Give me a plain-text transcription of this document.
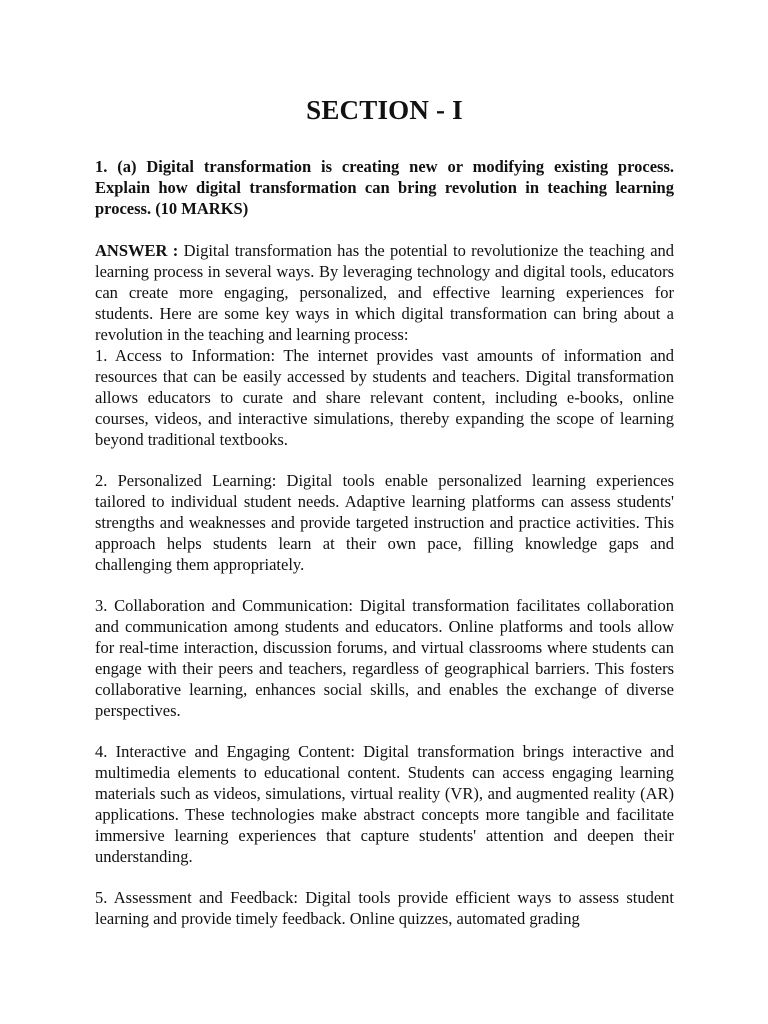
SECTION - I
1. (a) Digital transformation is creating new or modifying existing process. Explain how digital transformation can bring revolution in teaching learning process. (10 MARKS)

ANSWER : Digital transformation has the potential to revolutionize the teaching and learning process in several ways. By leveraging technology and digital tools, educators can create more engaging, personalized, and effective learning experiences for students. Here are some key ways in which digital transformation can bring about a revolution in the teaching and learning process:

1. Access to Information: The internet provides vast amounts of information and resources that can be easily accessed by students and teachers. Digital transformation allows educators to curate and share relevant content, including e-books, online courses, videos, and interactive simulations, thereby expanding the scope of learning beyond traditional textbooks.

2. Personalized Learning: Digital tools enable personalized learning experiences tailored to individual student needs. Adaptive learning platforms can assess students' strengths and weaknesses and provide targeted instruction and practice activities. This approach helps students learn at their own pace, filling knowledge gaps and challenging them appropriately.

3. Collaboration and Communication: Digital transformation facilitates collaboration and communication among students and educators. Online platforms and tools allow for real-time interaction, discussion forums, and virtual classrooms where students can engage with their peers and teachers, regardless of geographical barriers. This fosters collaborative learning, enhances social skills, and enables the exchange of diverse perspectives.

4. Interactive and Engaging Content: Digital transformation brings interactive and multimedia elements to educational content. Students can access engaging learning materials such as videos, simulations, virtual reality (VR), and augmented reality (AR) applications. These technologies make abstract concepts more tangible and facilitate immersive learning experiences that capture students' attention and deepen their understanding.

5. Assessment and Feedback: Digital tools provide efficient ways to assess student learning and provide timely feedback. Online quizzes, automated grading
